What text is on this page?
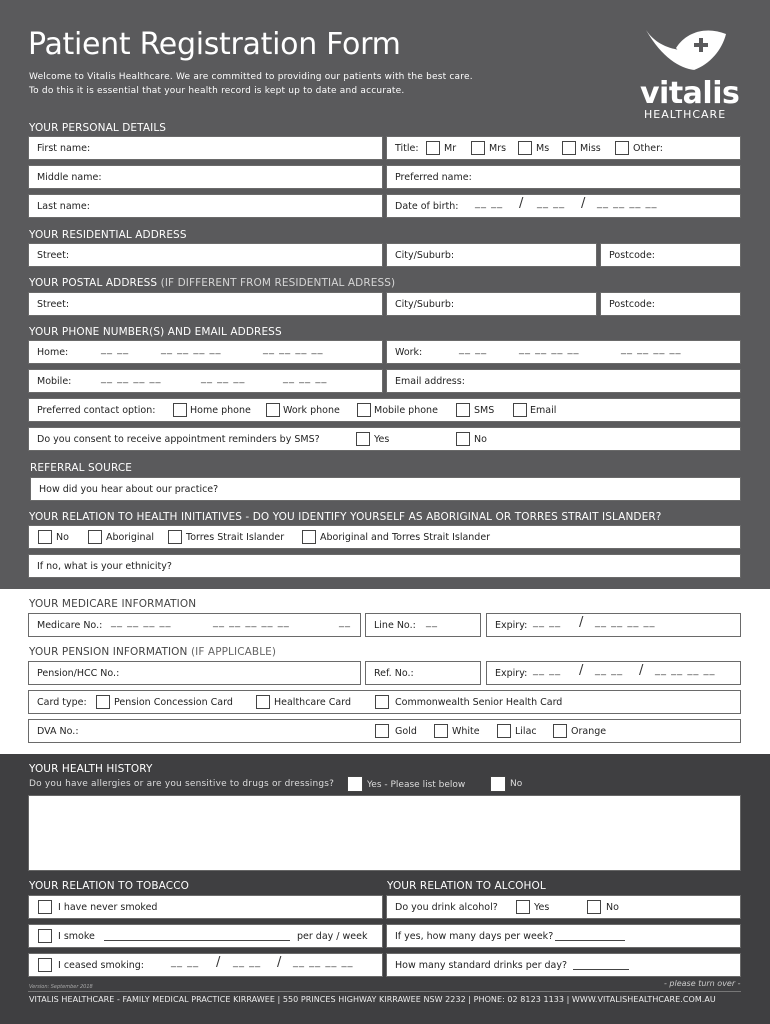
Patient Registration Form
Welcome to Vitalis Healthcare. We are committed to providing our patients with the best care.
To do this it is essential that your health record is kept up to date and accurate.	vitalis
HEALTHCARE
YOUR PERSONAL DETAILS
First name:	Title:	Mr	Mrs	Ms	Miss	Other:
Middle name:	Preferred name:
Last name:	Date of birth: __ __ / __ __ / __ __ __ __
YOUR RESIDENTIAL ADDRESS
Street:	City/Suburb:	Postcode:
YOUR POSTAL ADDRESS (IF DIFFERENT FROM RESIDENTIAL ADRESS)
Street:	City/Suburb:	Postcode:
YOUR PHONE NUMBER(S) AND EMAIL ADDRESS
Home:	__ __	__ __ __ __	__ __ __ __	Work:	__ __	__ __ __ __	__ __ __ __
Mobile:	__ __ __ __	__ __ __	__ __ __	Email address:
Preferred contact option:	Home phone	Work phone	Mobile phone	SMS	Email
Do you consent to receive appointment reminders by SMS?	Yes	No
REFERRAL SOURCE
How did you hear about our practice?
YOUR RELATION TO HEALTH INITIATIVES - DO YOU IDENTIFY YOURSELF AS ABORIGINAL OR TORRES STRAIT ISLANDER?
No	Aboriginal	Torres Strait Islander	Aboriginal and Torres Strait Islander
If no, what is your ethnicity?
YOUR MEDICARE INFORMATION
Medicare No.: __ __ __ __	__ __ __ __ __	__ Line No.: __	Expiry: __ __ / __ __ __ __
YOUR PENSION INFORMATION (IF APPLICABLE)
Pension/HCC No.:	Ref. No.:	Expiry: __ __ / __ __ / __ __ __ __
Card type:	Pension Concession Card	Healthcare Card	Commonwealth Senior Health Card
DVA No.:	Gold	White	Lilac	Orange
YOUR HEALTH HISTORY
Do you have allergies or are you sensitive to drugs or dressings?	Yes - Please list below	No
YOUR RELATION TO TOBACCO
I have never smoked
I smoke	per day / week
I ceased smoking:	__ __ / __ __ / __ __ __ __
YOUR RELATION TO ALCOHOL
Do you drink alcohol?	Yes	No
If yes, how many days per week?
How many standard drinks per day?
Version: September 2018	- please turn over -
VITALIS HEALTHCARE - FAMILY MEDICAL PRACTICE KIRRAWEE | 550 PRINCES HIGHWAY KIRRAWEE NSW 2232 | PHONE: 02 8123 1133 | WWW.VITALISHEALTHCARE.COM.AU
